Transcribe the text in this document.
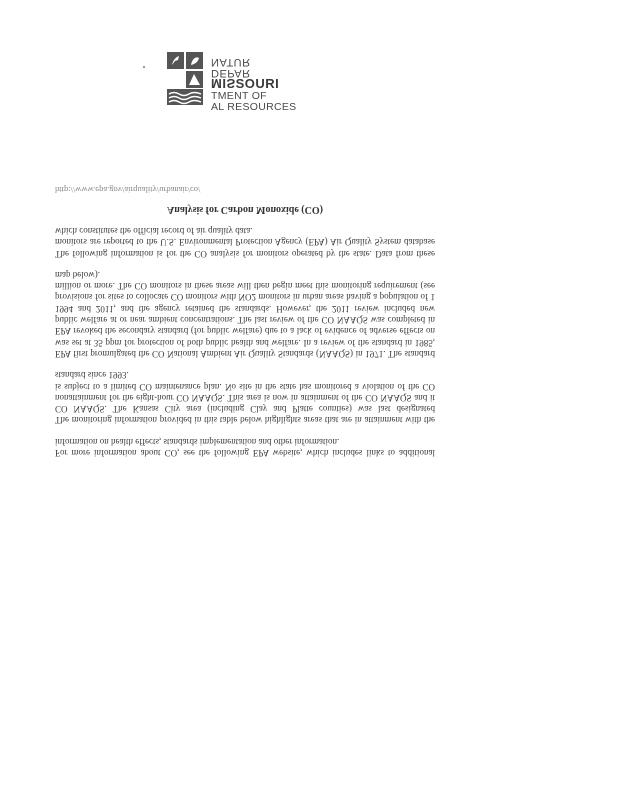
For more information about CO, see the following EPA website, which includes links to additional information on health effects, standards implementation and other information.

The monitoring information provided in this table below highlights areas that are in attainment with the CO NAAQS. The Kansas City area (including Clay and Platte counties) was last designated nonattainment for the eight-hour CO NAAQS. This area is now in attainment of the CO NAAQS and it is subject to a limited CO maintenance plan. No site in the state has monitored a violation of the CO standard since 1993.

EPA first promulgated the CO National Ambient Air Quality Standards (NAAQS) in 1971. The standard was set at 35 ppm for protection of both public health and welfare. In a review of the standard in 1985, EPA revoked the secondary standard (for public welfare) due to a lack of evidence of adverse effects on public welfare at or near ambient concentrations. The last review of the CO NAAQS was completed in 1994 and 2011, and the agency retained the standards. However, the 2011 review included new provisions for sites to collocate CO monitors with NO2 monitors in urban areas having a population of 1 million or more. The CO monitors in these areas will then begin meet this monitoring requirement (see map below).

The following information is for the CO analysis for monitors operated by the state. Data from these monitors are reported to the U.S. Environmental Protection Agency (EPA) Air Quality System database which constitutes the official record of air quality data.

Analysis for Carbon Monoxide (CO)
http://www.epa.gov/airquality/urbanair/co/
NATUR
DEPAR
MISSOURI
TMENT OF
AL RESOURCES
